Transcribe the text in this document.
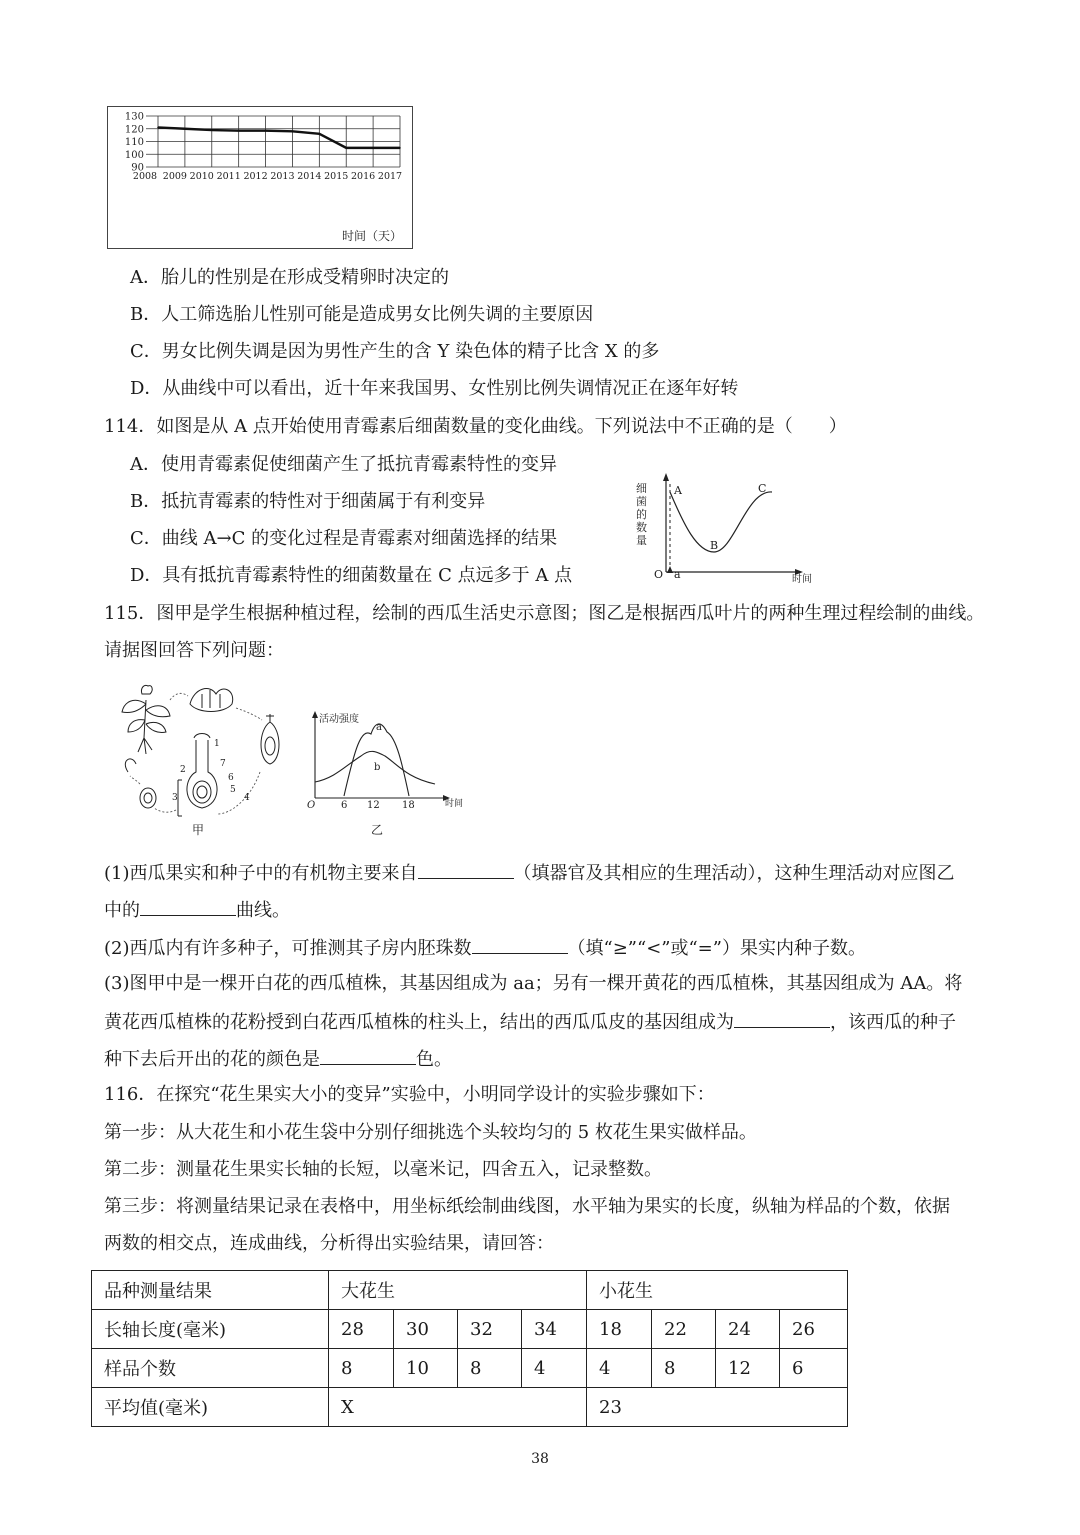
130
120
110
100
90
2008 2009 2010 2011 2012 2013 2014 2015 2016 2017
时间（天）
A．胎儿的性别是在形成受精卵时决定的
B．人工筛选胎儿性别可能是造成男女比例失调的主要原因
C．男女比例失调是因为男性产生的含 Y 染色体的精子比含 X 的多
D．从曲线中可以看出，近十年来我国男、女性别比例失调情况正在逐年好转
114．如图是从 A 点开始使用青霉素后细菌数量的变化曲线。下列说法中不正确的是（　　）
A．使用青霉素促使细菌产生了抵抗青霉素特性的变异
B．抵抗青霉素的特性对于细菌属于有利变异
C．曲线 A→C 的变化过程是青霉素对细菌选择的结果
D．具有抵抗青霉素特性的细菌数量在 C 点远多于 A 点
细
菌
的
数
量
A
B
C
O a	时间
115．图甲是学生根据种植过程，绘制的西瓜生活史示意图；图乙是根据西瓜叶片的两种生理过程绘制的曲线。
请据图回答下列问题：
1
2
3	4
5
6
7
甲
活动强度
a
b
O	6 12 18	时间
乙
(1)西瓜果实和种子中的有机物主要来自	（填器官及其相应的生理活动），这种生理活动对应图乙
中的	曲线。
(2)西瓜内有许多种子，可推测其子房内胚珠数	（填“≥”“<”或“=”）果实内种子数。
(3)图甲中是一棵开白花的西瓜植株，其基因组成为 aa；另有一棵开黄花的西瓜植株，其基因组成为 AA。将
黄花西瓜植株的花粉授到白花西瓜植株的柱头上，结出的西瓜瓜皮的基因组成为	，该西瓜的种子
种下去后开出的花的颜色是	色。
116．在探究“花生果实大小的变异”实验中，小明同学设计的实验步骤如下：
第一步：从大花生和小花生袋中分别仔细挑选个头较均匀的 5 枚花生果实做样品。
第二步：测量花生果实长轴的长短，以毫米记，四舍五入，记录整数。
第三步：将测量结果记录在表格中，用坐标纸绘制曲线图，水平轴为果实的长度，纵轴为样品的个数，依据
两数的相交点，连成曲线，分析得出实验结果，请回答：
品种测量结果	大花生				小花生			
长轴长度(毫米)	28	30	32	34	18	22	24	26
样品个数	8	10	8	4	4	8	12	6
平均值(毫米)	X				23			
38
